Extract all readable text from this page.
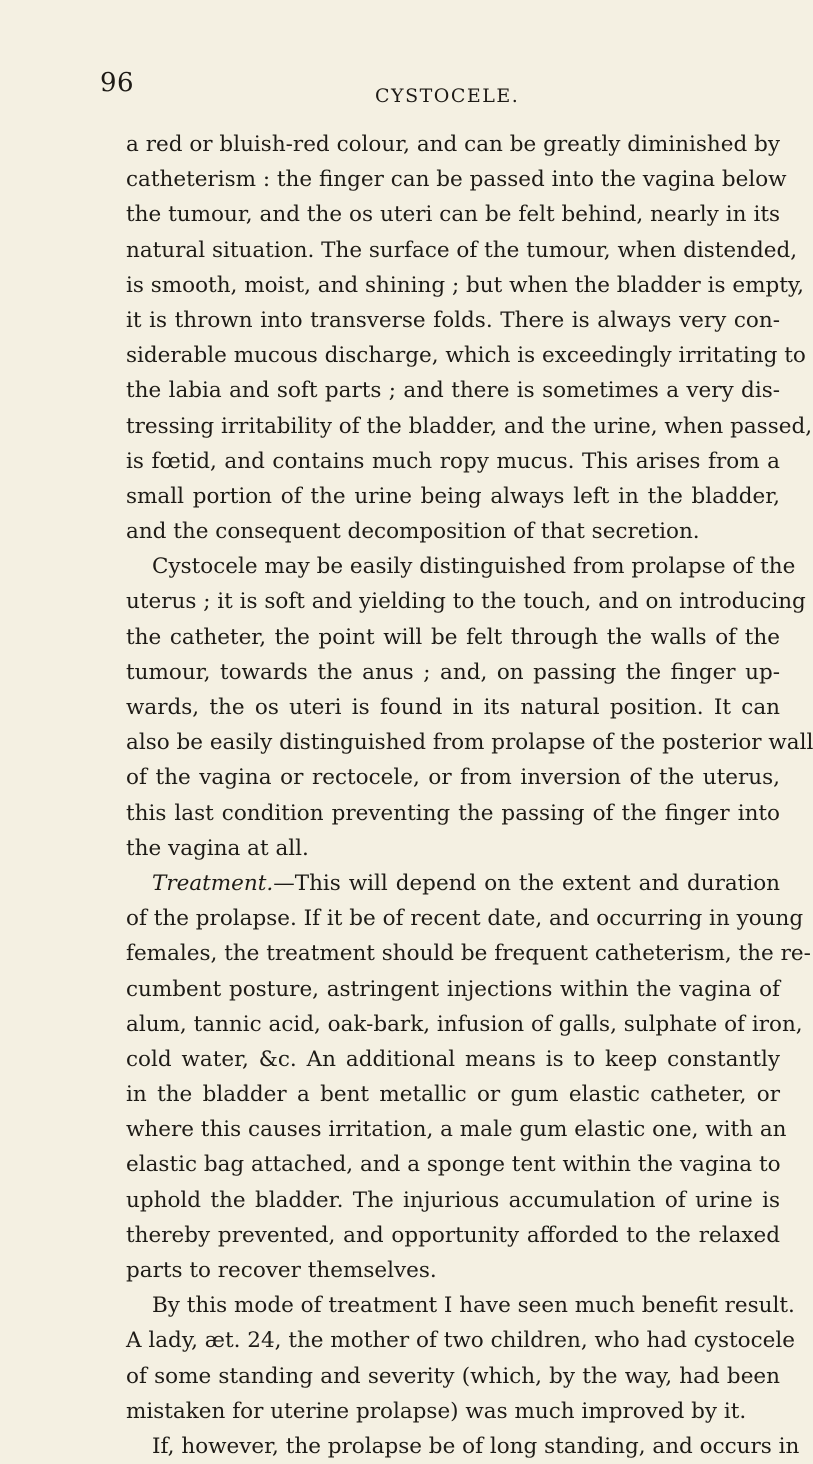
96	CYSTOCELE.
a red or bluish-red colour, and can be greatly diminished by
catheterism : the finger can be passed into the vagina below
the tumour, and the os uteri can be felt behind, nearly in its
natural situation. The surface of the tumour, when distended,
is smooth, moist, and shining ; but when the bladder is empty,
it is thrown into transverse folds. There is always very con-
siderable mucous discharge, which is exceedingly irritating to
the labia and soft parts ; and there is sometimes a very dis-
tressing irritability of the bladder, and the urine, when passed,
is fœtid, and contains much ropy mucus. This arises from a
small portion of the urine being always left in the bladder,
and the consequent decomposition of that secretion.
Cystocele may be easily distinguished from prolapse of the
uterus ; it is soft and yielding to the touch, and on introducing
the catheter, the point will be felt through the walls of the
tumour, towards the anus ; and, on passing the finger up-
wards, the os uteri is found in its natural position. It can
also be easily distinguished from prolapse of the posterior wall
of the vagina or rectocele, or from inversion of the uterus,
this last condition preventing the passing of the finger into
the vagina at all.
Treatment.—This will depend on the extent and duration
of the prolapse. If it be of recent date, and occurring in young
females, the treatment should be frequent catheterism, the re-
cumbent posture, astringent injections within the vagina of
alum, tannic acid, oak-bark, infusion of galls, sulphate of iron,
cold water, &c. An additional means is to keep constantly
in the bladder a bent metallic or gum elastic catheter, or
where this causes irritation, a male gum elastic one, with an
elastic bag attached, and a sponge tent within the vagina to
uphold the bladder. The injurious accumulation of urine is
thereby prevented, and opportunity afforded to the relaxed
parts to recover themselves.
By this mode of treatment I have seen much benefit result.
A lady, æt. 24, the mother of two children, who had cystocele
of some standing and severity (which, by the way, had been
mistaken for uterine prolapse) was much improved by it.
If, however, the prolapse be of long standing, and occurs in
